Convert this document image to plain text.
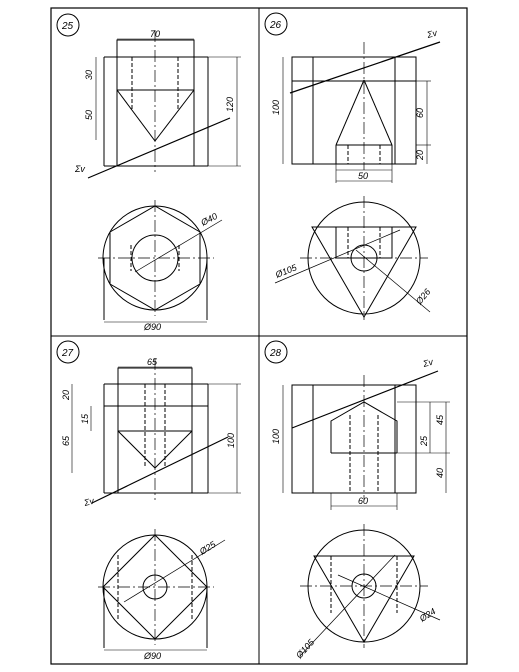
25
Σv
70
30
50
120
Ø40
Ø90
26
Σv
100	60
20
50
Ø105
Ø26
27
Σv
65
20
15
65	100
Ø25
Ø90
28
Σv
100	25
45
40
60
Ø105
Ø24
